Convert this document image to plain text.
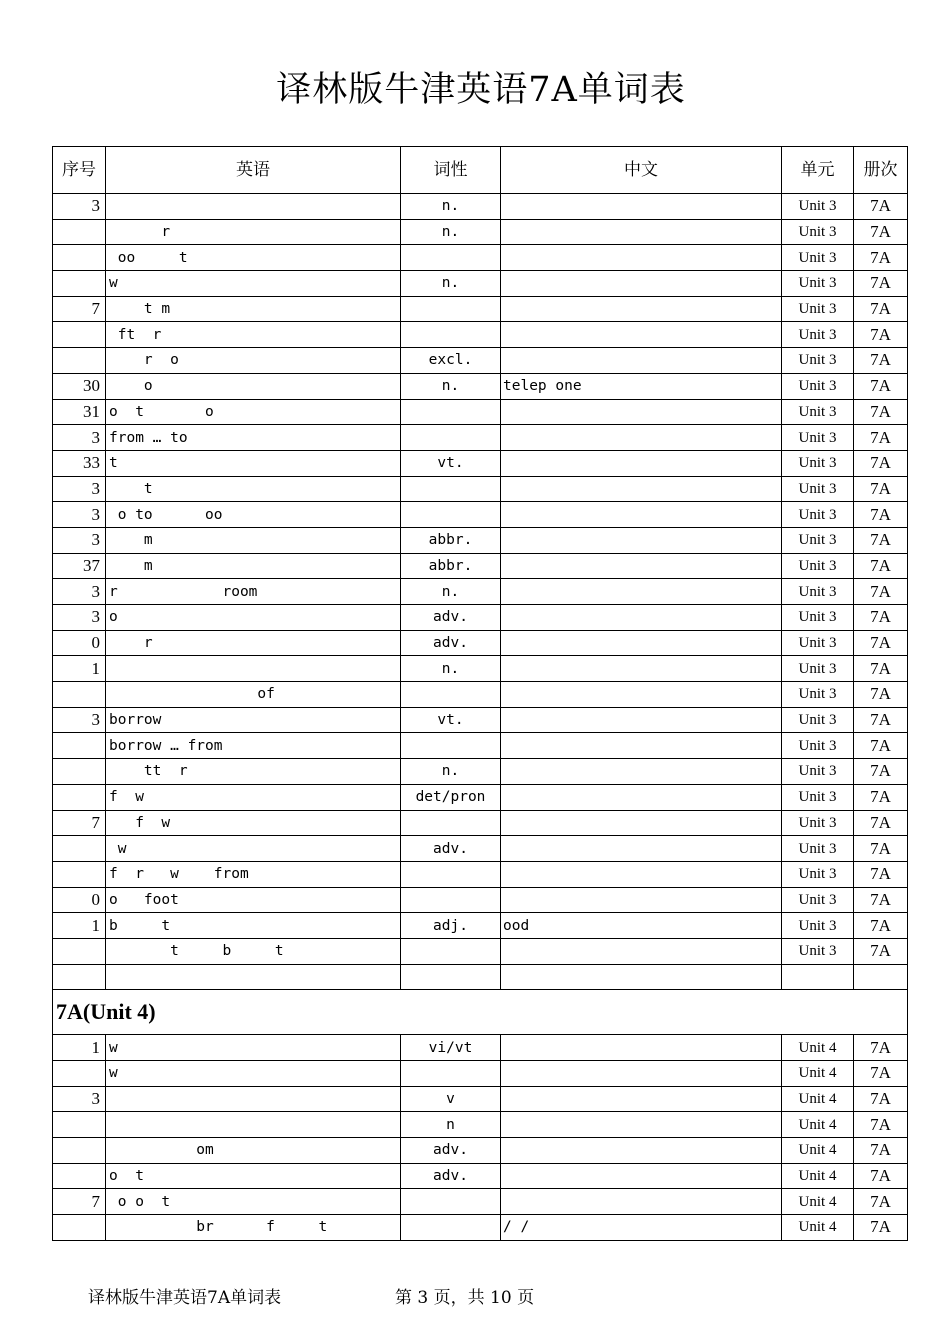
译林版牛津英语7A单词表
序号	英语	词性	中文	单元	册次
3		n.		Unit 3	7A
	r	n.		Unit 3	7A
	oo     t			Unit 3	7A
	w	n.		Unit 3	7A
7	t m			Unit 3	7A
	ft  r			Unit 3	7A
	r  o	excl.		Unit 3	7A
30	o	n.	telep one	Unit 3	7A
31	o  t       o			Unit 3	7A
3	from … to			Unit 3	7A
33	t	vt.		Unit 3	7A
3	t			Unit 3	7A
3	o to      oo			Unit 3	7A
3	m	abbr.		Unit 3	7A
37	m	abbr.		Unit 3	7A
3	r            room	n.		Unit 3	7A
3	o	adv.		Unit 3	7A
0	r	adv.		Unit 3	7A
1		n.		Unit 3	7A
	of			Unit 3	7A
3	borrow	vt.		Unit 3	7A
	borrow … from			Unit 3	7A
	tt  r	n.		Unit 3	7A
	f  w	det/pron		Unit 3	7A
7	f  w			Unit 3	7A
	w	adv.		Unit 3	7A
	f  r   w    from			Unit 3	7A
0	o   foot			Unit 3	7A
1	b     t	adj.	ood	Unit 3	7A
	t     b     t			Unit 3	7A

7A(Unit 4)					
1	w	vi/vt		Unit 4	7A
	w			Unit 4	7A
3		v		Unit 4	7A
		n		Unit 4	7A
	om	adv.		Unit 4	7A
	o  t	adv.		Unit 4	7A
7	o o  t			Unit 4	7A
	br      f     t		/ /	Unit 4	7A
译林版牛津英语7A单词表	第 3 页，共 10 页
